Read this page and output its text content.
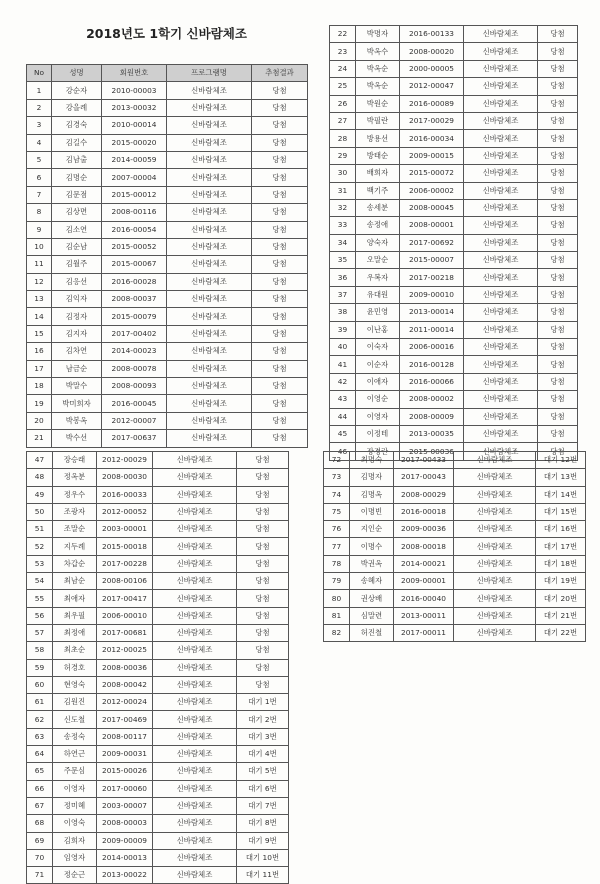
2018년도 1학기 신바람체조
No	성명	회원번호	프로그램명	추첨결과
1	강순자	2010-00003	신바람체조	당첨
2	강을례	2013-00032	신바람체조	당첨
3	김경숙	2010-00014	신바람체조	당첨
4	김길수	2015-00020	신바람체조	당첨
5	김남출	2014-00059	신바람체조	당첨
6	김명순	2007-00004	신바람체조	당첨
7	김문점	2015-00012	신바람체조	당첨
8	김상면	2008-00116	신바람체조	당첨
9	김소연	2016-00054	신바람체조	당첨
10	김순남	2015-00052	신바람체조	당첨
11	김월주	2015-00067	신바람체조	당첨
12	김응선	2016-00028	신바람체조	당첨
13	김익자	2008-00037	신바람체조	당첨
14	김정자	2015-00079	신바람체조	당첨
15	김지자	2017-00402	신바람체조	당첨
16	김차연	2014-00023	신바람체조	당첨
17	남금순	2008-00078	신바람체조	당첨
18	박말수	2008-00093	신바람체조	당첨
19	박미희자	2016-00045	신바람체조	당첨
20	박봉옥	2012-00007	신바람체조	당첨
21	박수선	2017-00637	신바람체조	당첨
22	박명자	2016-00133	신바람체조	당첨
23	박옥수	2008-00020	신바람체조	당첨
24	박옥순	2000-00005	신바람체조	당첨
25	박옥순	2012-00047	신바람체조	당첨
26	박원순	2016-00089	신바람체조	당첨
27	박필란	2017-00029	신바람체조	당첨
28	방용선	2016-00034	신바람체조	당첨
29	방태순	2009-00015	신바람체조	당첨
30	배희자	2015-00072	신바람체조	당첨
31	백기주	2006-00002	신바람체조	당첨
32	송세분	2008-00045	신바람체조	당첨
33	송정애	2008-00001	신바람체조	당첨
34	양숙자	2017-00692	신바람체조	당첨
35	오말순	2015-00007	신바람체조	당첨
36	우복자	2017-00218	신바람체조	당첨
37	유대원	2009-00010	신바람체조	당첨
38	윤민영	2013-00014	신바람체조	당첨
39	이난홍	2011-00014	신바람체조	당첨
40	이숙자	2006-00016	신바람체조	당첨
41	이순자	2016-00128	신바람체조	당첨
42	이애자	2016-00066	신바람체조	당첨
43	이영순	2008-00002	신바람체조	당첨
44	이영자	2008-00009	신바람체조	당첨
45	이정테	2013-00035	신바람체조	당첨
46	장경란	2015-00036	신바람체조	당첨
47	장승래	2012-00029	신바람체조	당첨
48	정옥분	2008-00030	신바람체조	당첨
49	정우수	2016-00033	신바람체조	당첨
50	조광자	2012-00052	신바람체조	당첨
51	조말순	2003-00001	신바람체조	당첨
52	지두례	2015-00018	신바람체조	당첨
53	차갑순	2017-00228	신바람체조	당첨
54	최남순	2008-00106	신바람체조	당첨
55	최애자	2017-00417	신바람체조	당첨
56	최우필	2006-00010	신바람체조	당첨
57	최정애	2017-00681	신바람체조	당첨
58	최초순	2012-00025	신바람체조	당첨
59	허경호	2008-00036	신바람체조	당첨
60	현영숙	2008-00042	신바람체조	당첨
61	김원진	2012-00024	신바람체조	대기 1번
62	신도철	2017-00469	신바람체조	대기 2번
63	송정숙	2008-00117	신바람체조	대기 3번
64	하연근	2009-00031	신바람체조	대기 4번
65	주문심	2015-00026	신바람체조	대기 5번
66	이영자	2017-00060	신바람체조	대기 6번
67	정미혜	2003-00007	신바람체조	대기 7번
68	이영숙	2008-00003	신바람체조	대기 8번
69	김희자	2009-00009	신바람체조	대기 9번
70	임영자	2014-00013	신바람체조	대기 10번
71	정순근	2013-00022	신바람체조	대기 11번
72	최명숙	2017-00433	신바람체조	대기 12번
73	김명자	2017-00043	신바람체조	대기 13번
74	김명옥	2008-00029	신바람체조	대기 14번
75	이명빈	2016-00018	신바람체조	대기 15번
76	지인순	2009-00036	신바람체조	대기 16번
77	이명수	2008-00018	신바람체조	대기 17번
78	박권옥	2014-00021	신바람체조	대기 18번
79	송혜자	2009-00001	신바람체조	대기 19번
80	권상배	2016-00040	신바람체조	대기 20번
81	심말련	2013-00011	신바람체조	대기 21번
82	허진철	2017-00011	신바람체조	대기 22번
